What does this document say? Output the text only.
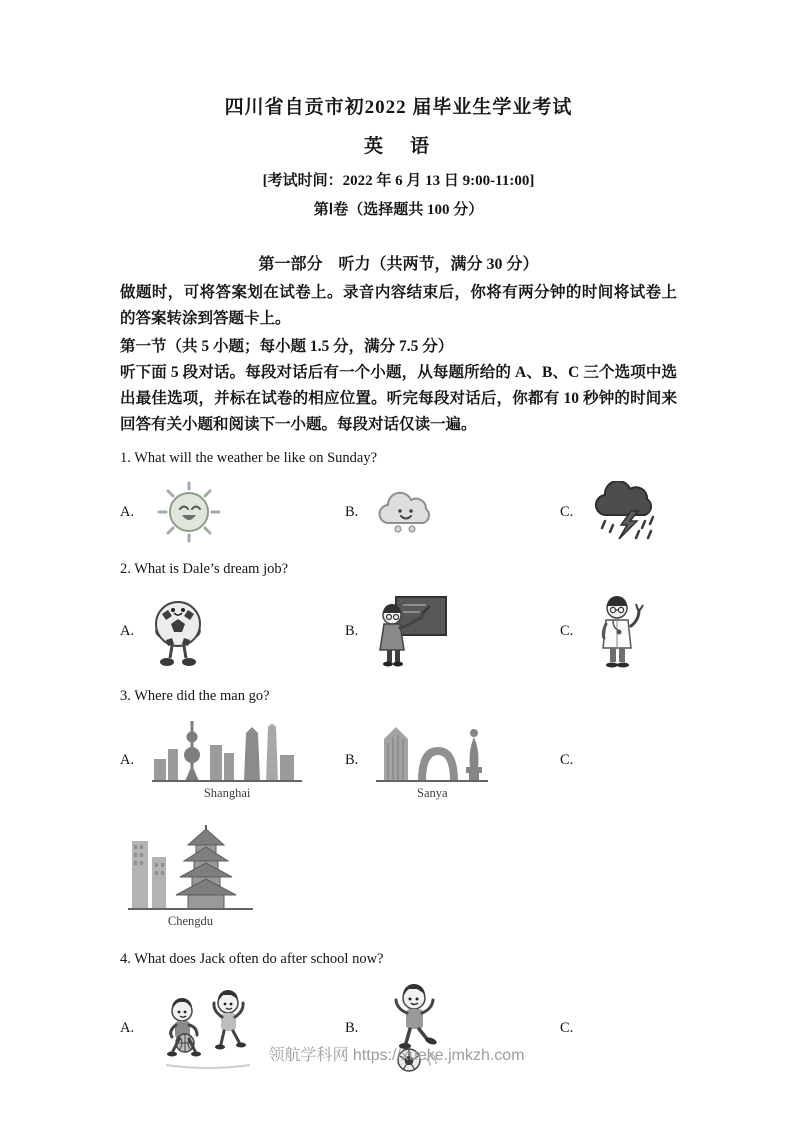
四川省自贡市初2022 届毕业生学业考试
英　语
[考试时间：2022 年 6 月 13 日 9:00-11:00]
第Ⅰ卷（选择题共 100 分）
第一部分　听力（共两节，满分 30 分）

做题时，可将答案划在试卷上。录音内容结束后，你将有两分钟的时间将试卷上的答案转涂到答题卡上。

第一节（共 5 小题；每小题 1.5 分，满分 7.5 分）

听下面 5 段对话。每段对话后有一个小题，从每题所给的 A、B、C 三个选项中选出最佳选项，并标在试卷的相应位置。听完每段对话后，你都有 10 秒钟的时间来回答有关小题和阅读下一小题。每段对话仅读一遍。

1. What will the weather be like on Sunday?

A.	B.	C.

2. What is Dale’s dream job?

A.	B.	C.

3. Where did the man go?

A.
Shanghai
B.
Sanya
C.
Chengdu

4. What does Jack often do after school now?

A.	B.	C.
领航学科网 https://xueke.jmkzh.com
